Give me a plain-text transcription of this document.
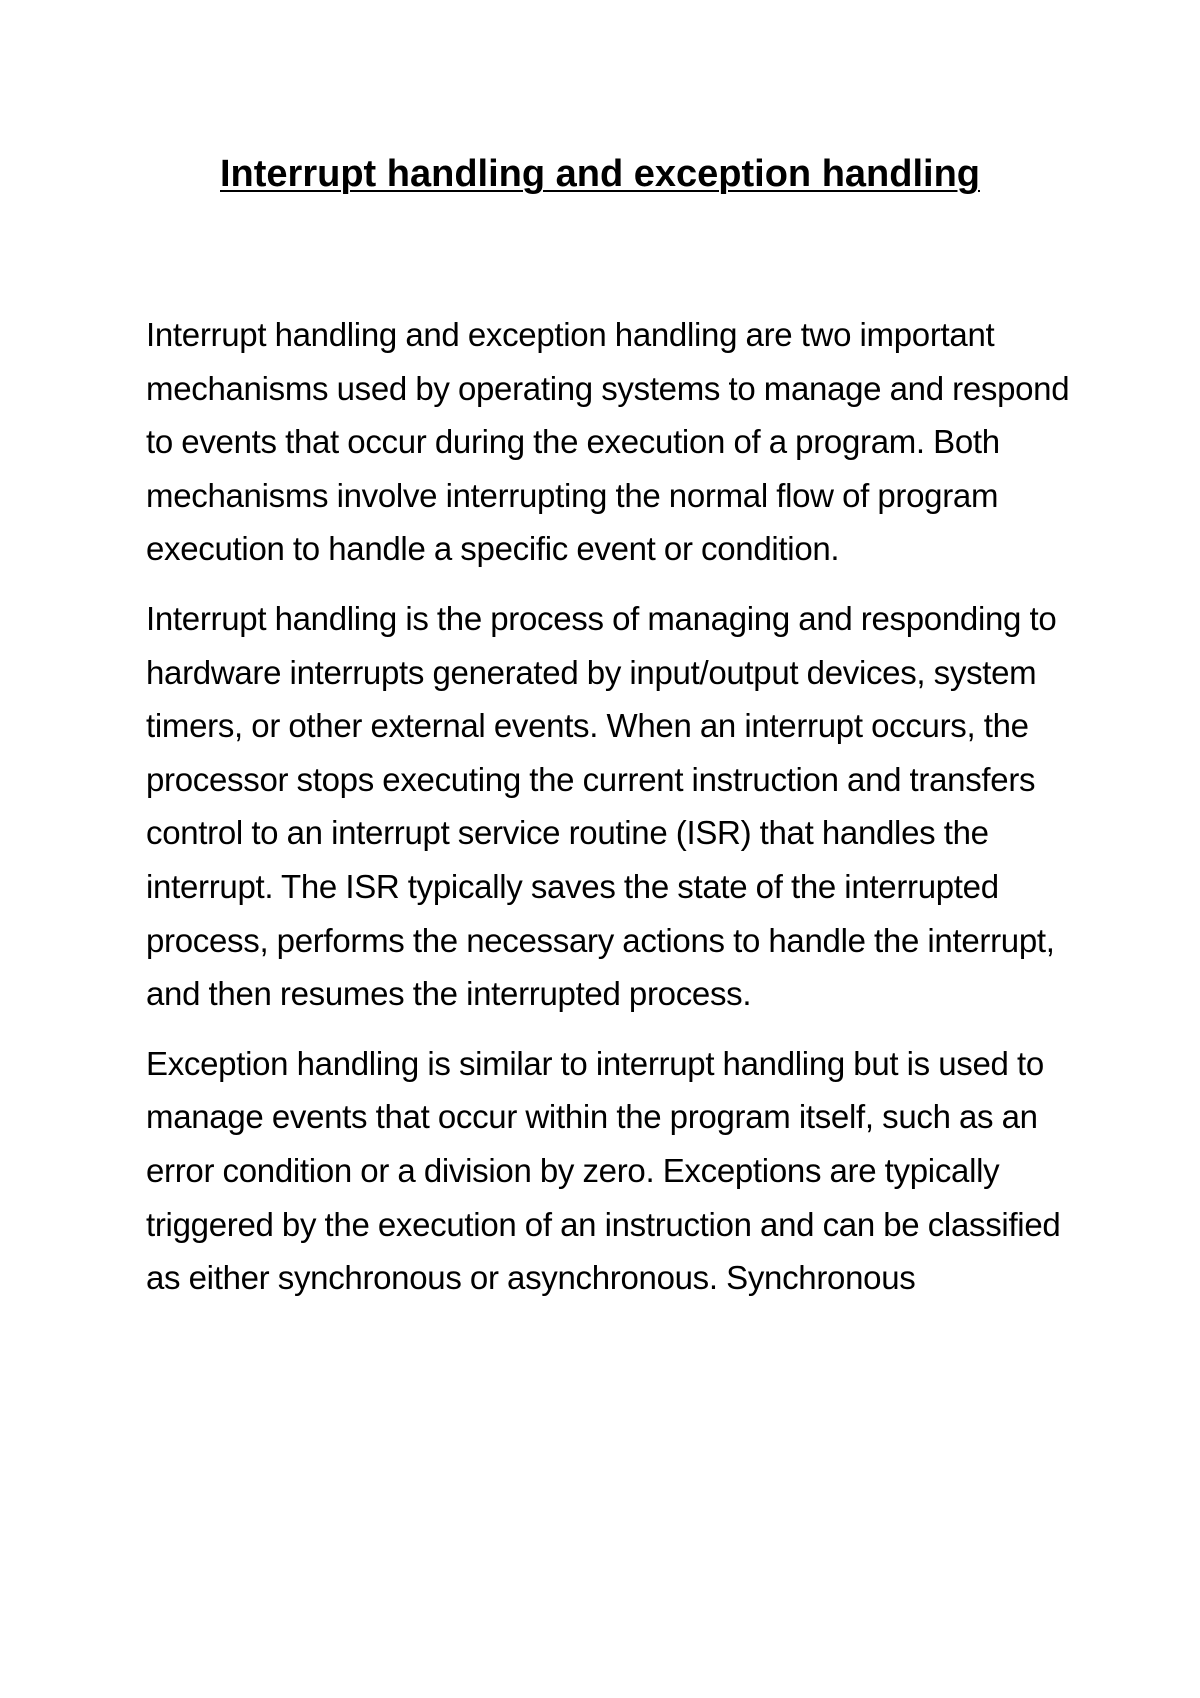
Interrupt handling and exception handling

Interrupt handling and exception handling are two important mechanisms used by operating systems to manage and respond to events that occur during the execution of a program. Both mechanisms involve interrupting the normal flow of program execution to handle a specific event or condition.

Interrupt handling is the process of managing and responding to hardware interrupts generated by input/output devices, system timers, or other external events. When an interrupt occurs, the processor stops executing the current instruction and transfers control to an interrupt service routine (ISR) that handles the interrupt. The ISR typically saves the state of the interrupted process, performs the necessary actions to handle the interrupt, and then resumes the interrupted process.

Exception handling is similar to interrupt handling but is used to manage events that occur within the program itself, such as an error condition or a division by zero. Exceptions are typically triggered by the execution of an instruction and can be classified as either synchronous or asynchronous. Synchronous
